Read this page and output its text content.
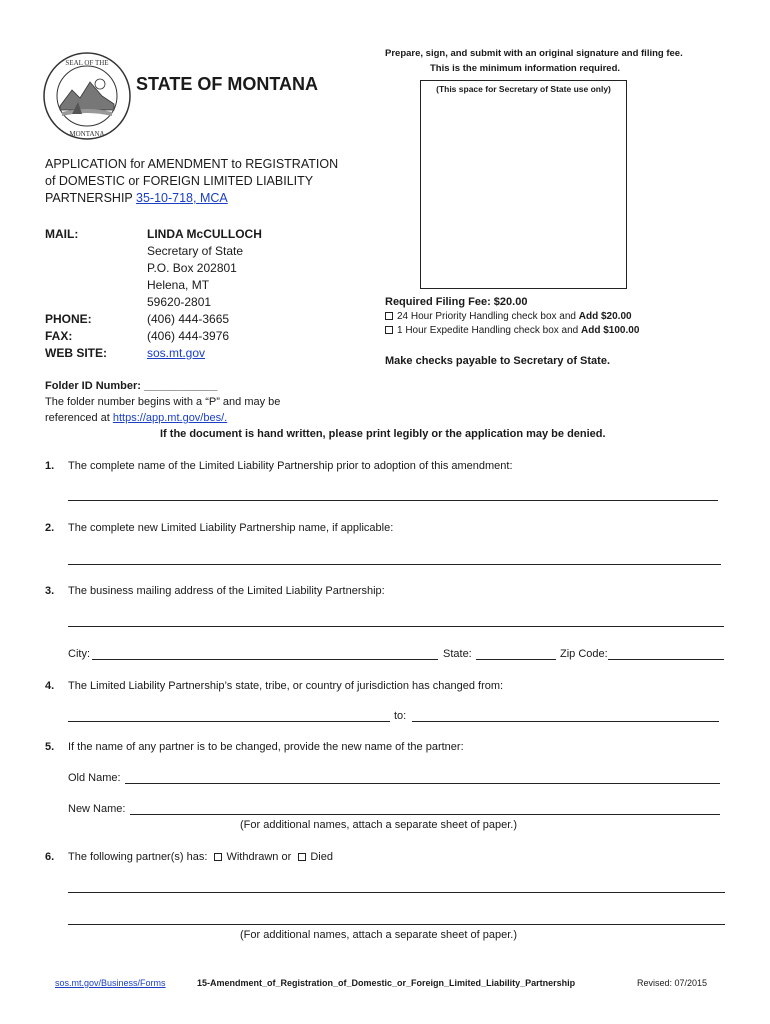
Prepare, sign, and submit with an original signature and filing fee.
This is the minimum information required.
SEAL OF THE
MONTANA
STATE OF MONTANA	(This space for Secretary of State use only)
APPLICATION for AMENDMENT to REGISTRATION
of DOMESTIC or FOREIGN LIMITED LIABILITY
PARTNERSHIP 35-10-718, MCA
MAIL:	LINDA McCULLOCH
Secretary of State
P.O. Box 202801
Helena, MT
59620-2801
PHONE:	(406) 444-3665
FAX:	(406) 444-3976
WEB SITE:	sos.mt.gov
Required Filing Fee: $20.00
24 Hour Priority Handling check box and Add $20.00
1 Hour Expedite Handling check box and Add $100.00
Make checks payable to Secretary of State.
Folder ID Number: ____________
The folder number begins with a “P” and may be
referenced at https://app.mt.gov/bes/.
If the document is hand written, please print legibly or the application may be denied.
1. The complete name of the Limited Liability Partnership prior to adoption of this amendment:
2. The complete new Limited Liability Partnership name, if applicable:
3. The business mailing address of the Limited Liability Partnership:
City:	State:	Zip Code:
4. The Limited Liability Partnership’s state, tribe, or country of jurisdiction has changed from:
to:
5. If the name of any partner is to be changed, provide the new name of the partner:
Old Name:
New Name:
(For additional names, attach a separate sheet of paper.)
6. The following partner(s) has: Withdrawn or Died
(For additional names, attach a separate sheet of paper.)
sos.mt.gov/Business/Forms	15-Amendment_of_Registration_of_Domestic_or_Foreign_Limited_Liability_Partnership	Revised: 07/2015
